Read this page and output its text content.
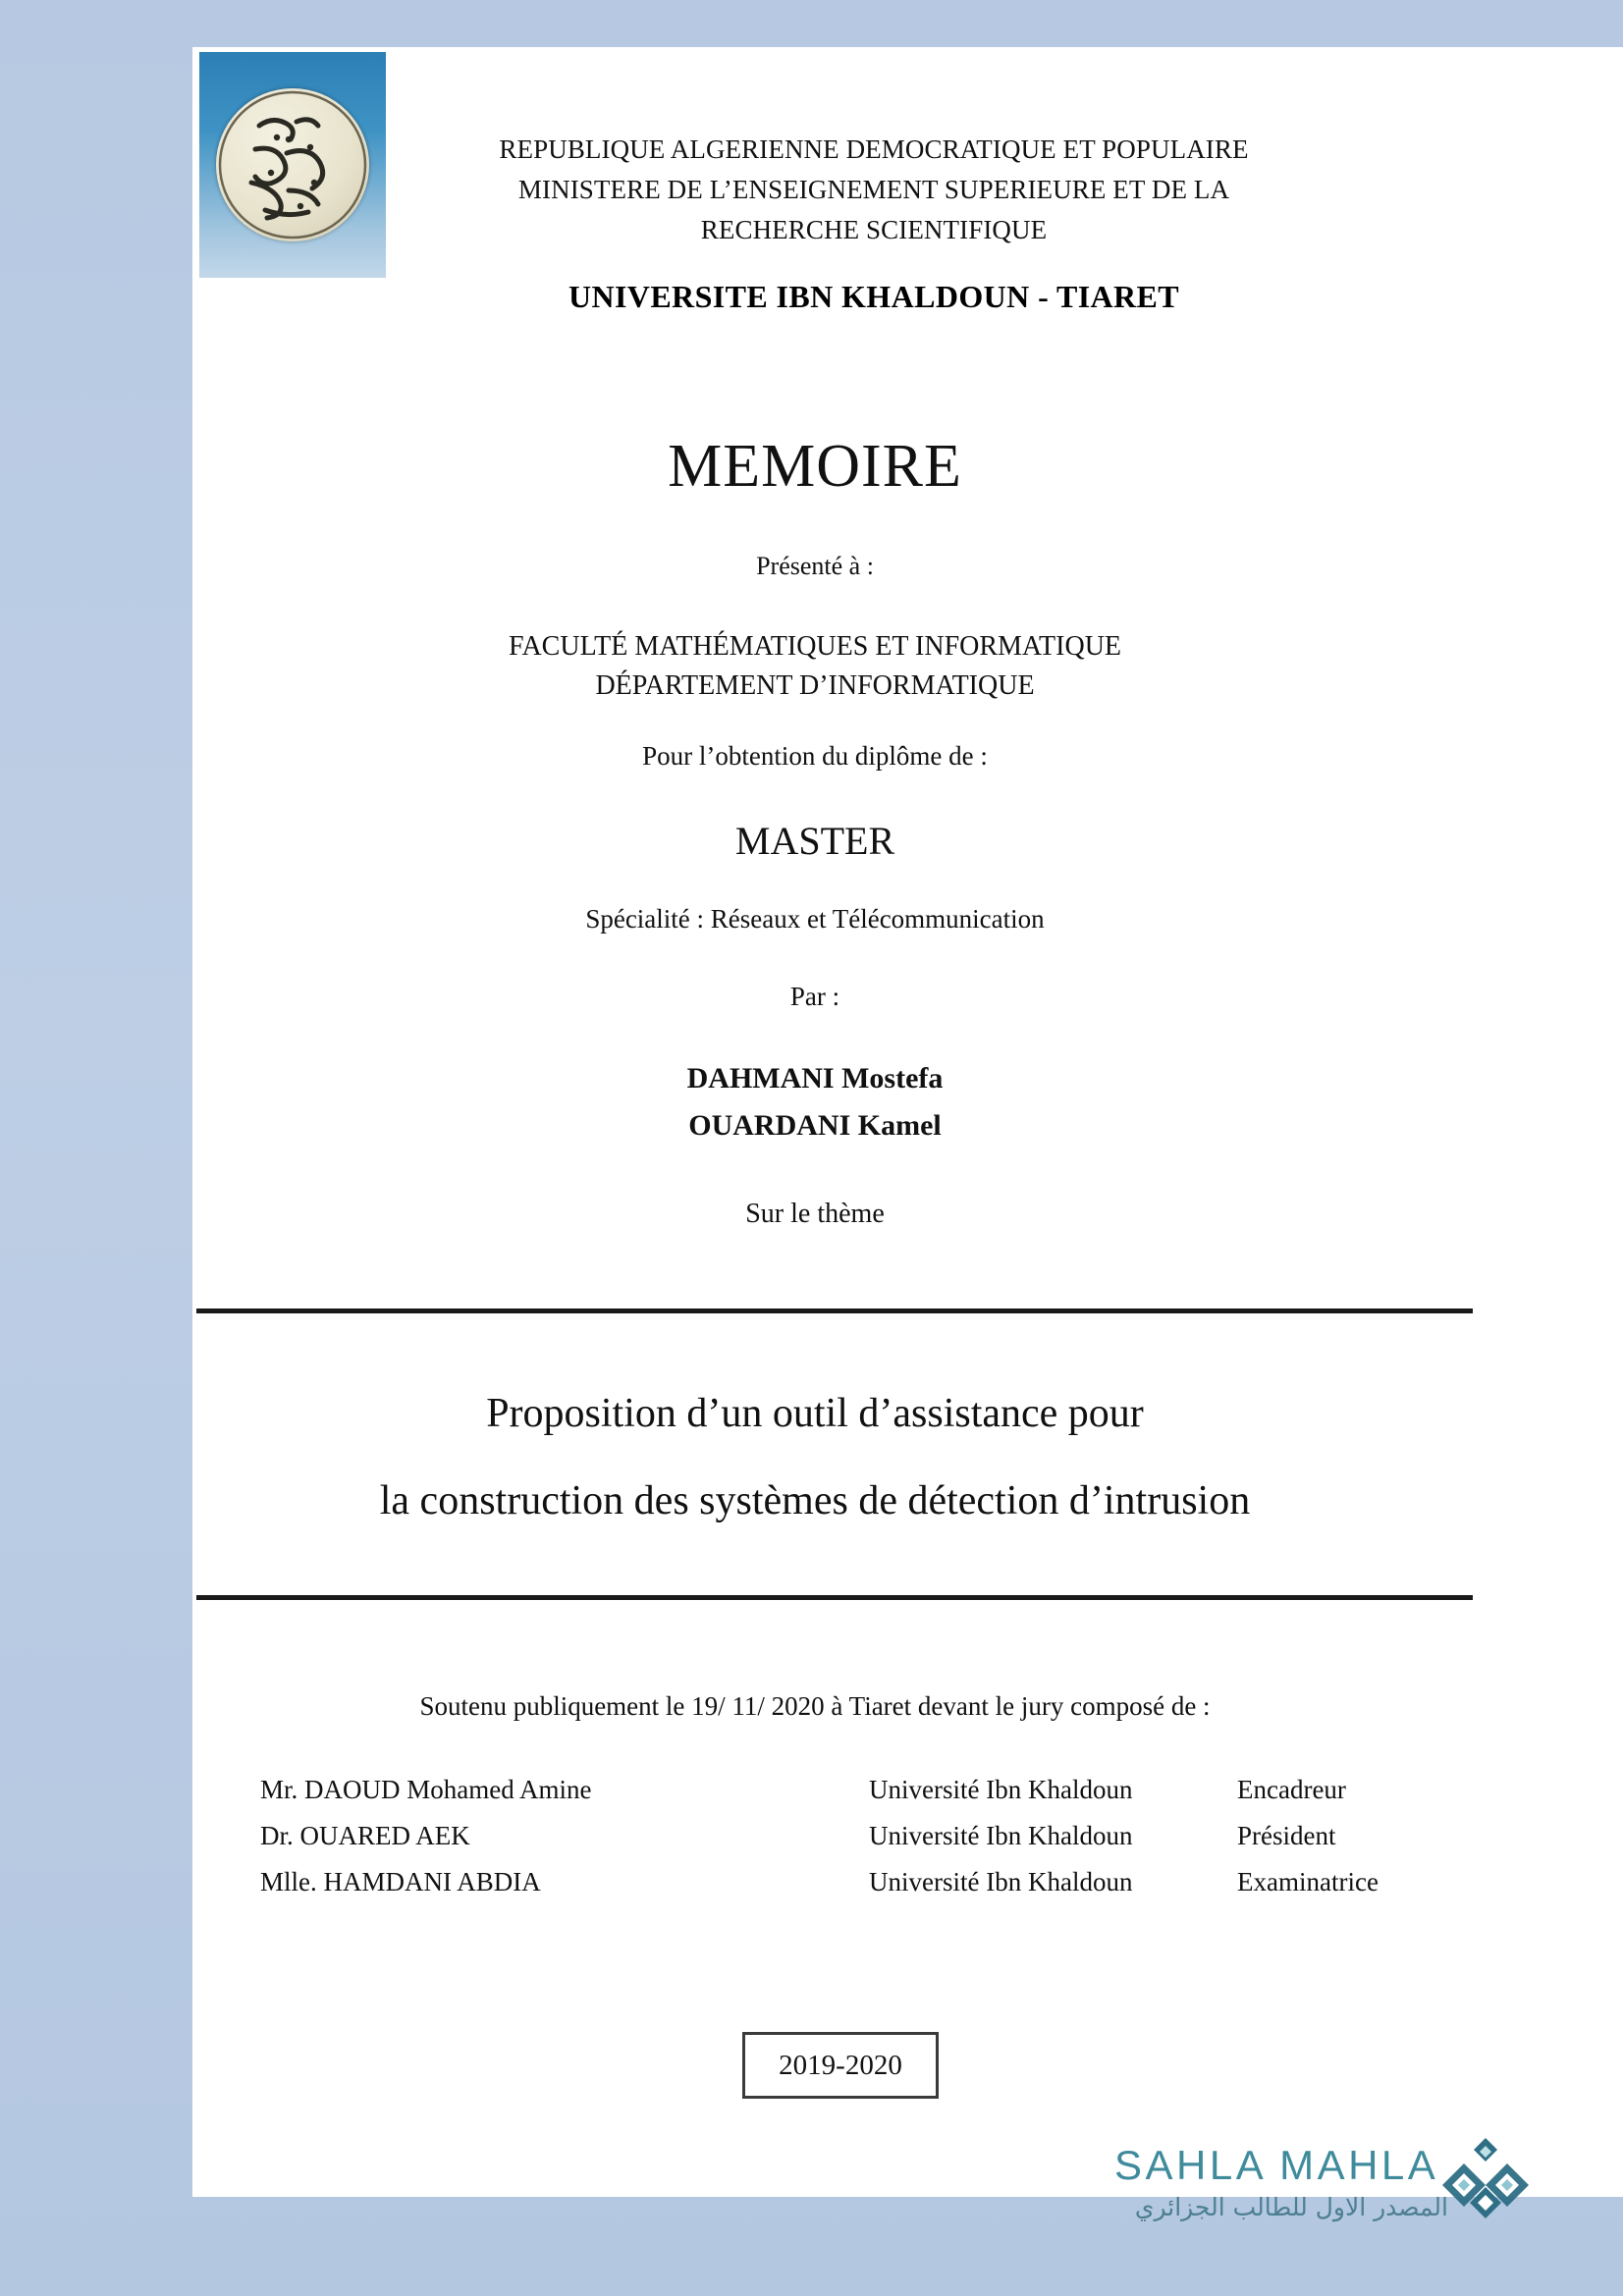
REPUBLIQUE ALGERIENNE DEMOCRATIQUE ET POPULAIRE
MINISTERE DE L’ENSEIGNEMENT SUPERIEURE ET DE LA
RECHERCHE SCIENTIFIQUE
UNIVERSITE IBN KHALDOUN - TIARET
MEMOIRE
Présenté à :
FACULTÉ MATHÉMATIQUES ET INFORMATIQUE
DÉPARTEMENT D’INFORMATIQUE
Pour l’obtention du diplôme de :
MASTER
Spécialité : Réseaux et Télécommunication
Par :
DAHMANI Mostefa
OUARDANI Kamel
Sur le thème
Proposition d’un outil d’assistance pour
la construction des systèmes de détection d’intrusion
Soutenu publiquement le 19/ 11/ 2020 à Tiaret devant le jury composé de :
Mr. DAOUD Mohamed Amine	Université Ibn Khaldoun	Encadreur
Dr. OUARED AEK	Université Ibn Khaldoun	Président
Mlle. HAMDANI ABDIA	Université Ibn Khaldoun	Examinatrice
2019-2020
SAHLA MAHLA
المصدر الاول للطالب الجزائري
